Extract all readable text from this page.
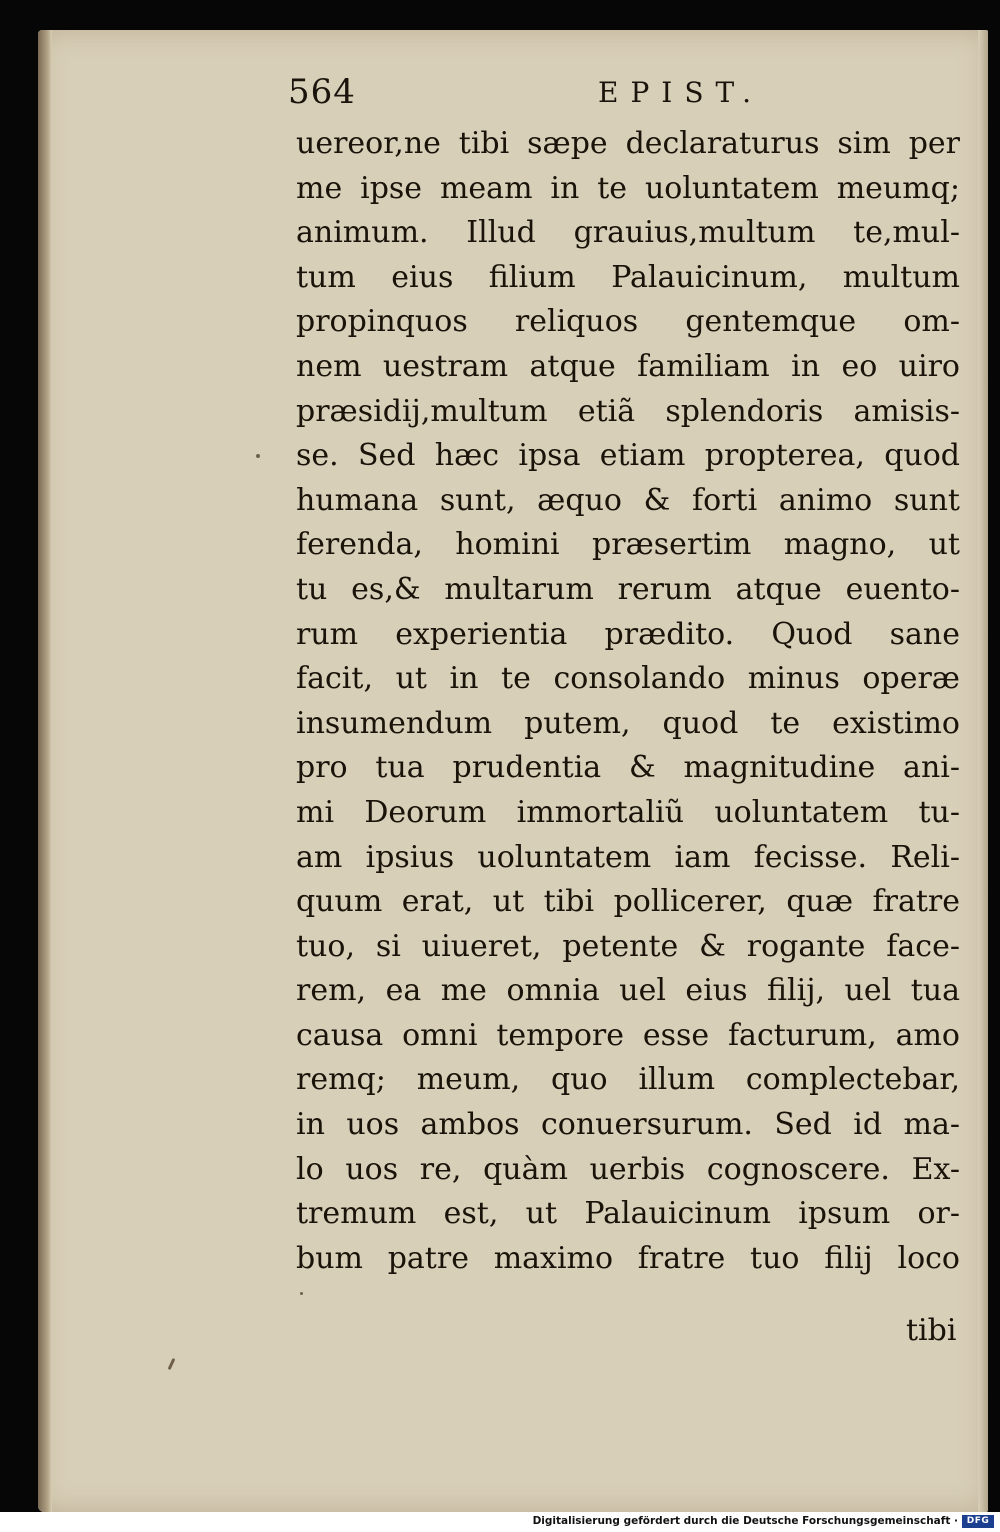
564	EPIST.
uereor,ne tibi sæpe declaraturus sim per
me ipse meam in te uoluntatem meumq;
animum. Illud grauius,multum te,mul-
tum eius filium Palauicinum, multum
propinquos reliquos gentemque om-
nem uestram atque familiam in eo uiro
præsidij,multum etiã splendoris amisis-
se. Sed hæc ipsa etiam propterea, quod
humana sunt, æquo & forti animo sunt
ferenda, homini præsertim magno, ut
tu es,& multarum rerum atque euento-
rum experientia prædito. Quod sane
facit, ut in te consolando minus operæ
insumendum putem, quod te existimo
pro tua prudentia & magnitudine ani-
mi Deorum immortaliũ uoluntatem tu-
am ipsius uoluntatem iam fecisse. Reli-
quum erat, ut tibi pollicerer, quæ fratre
tuo, si uiueret, petente & rogante face-
rem, ea me omnia uel eius filij, uel tua
causa omni tempore esse facturum, amo
remq; meum, quo illum complectebar,
in uos ambos conuersurum. Sed id ma-
lo uos re, quàm uerbis cognoscere. Ex-
tremum est, ut Palauicinum ipsum or-
bum patre maximo fratre tuo filij loco
tibi
Digitalisierung gefördert durch die Deutsche Forschungsgemeinschaft · DFG
